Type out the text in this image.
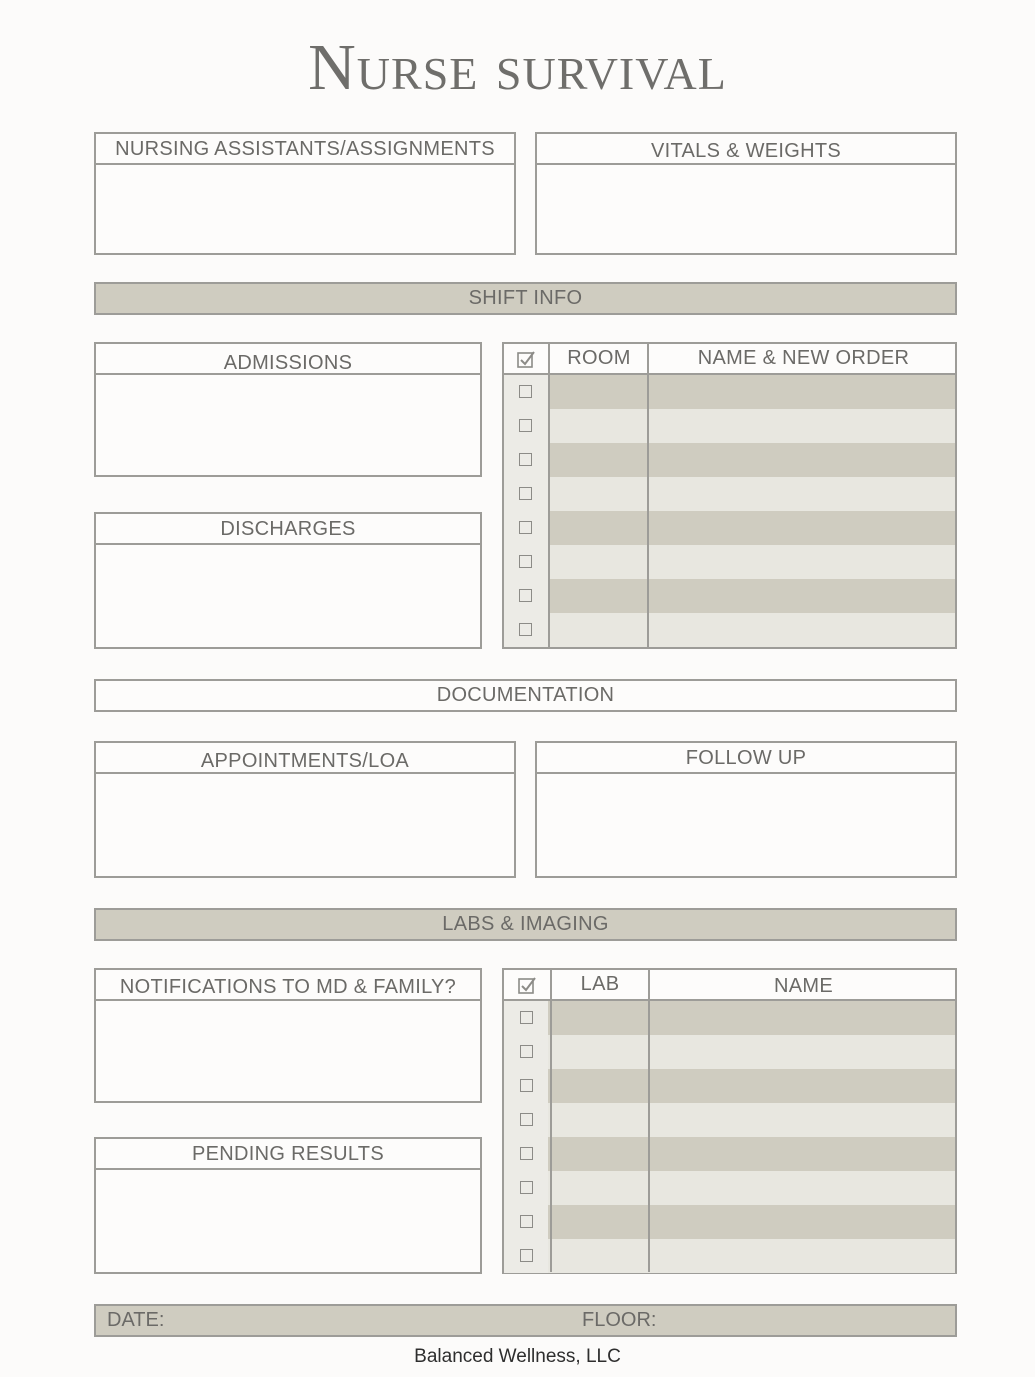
Nurse survival
NURSING ASSISTANTS/ASSIGNMENTS	VITALS & WEIGHTS
SHIFT INFO
ADMISSIONS
DISCHARGES
ROOM	NAME & NEW ORDER
DOCUMENTATION
APPOINTMENTS/LOA	FOLLOW UP
LABS & IMAGING
NOTIFICATIONS TO MD & FAMILY?
PENDING RESULTS
LAB	NAME
DATE:	FLOOR:
Balanced Wellness, LLC
